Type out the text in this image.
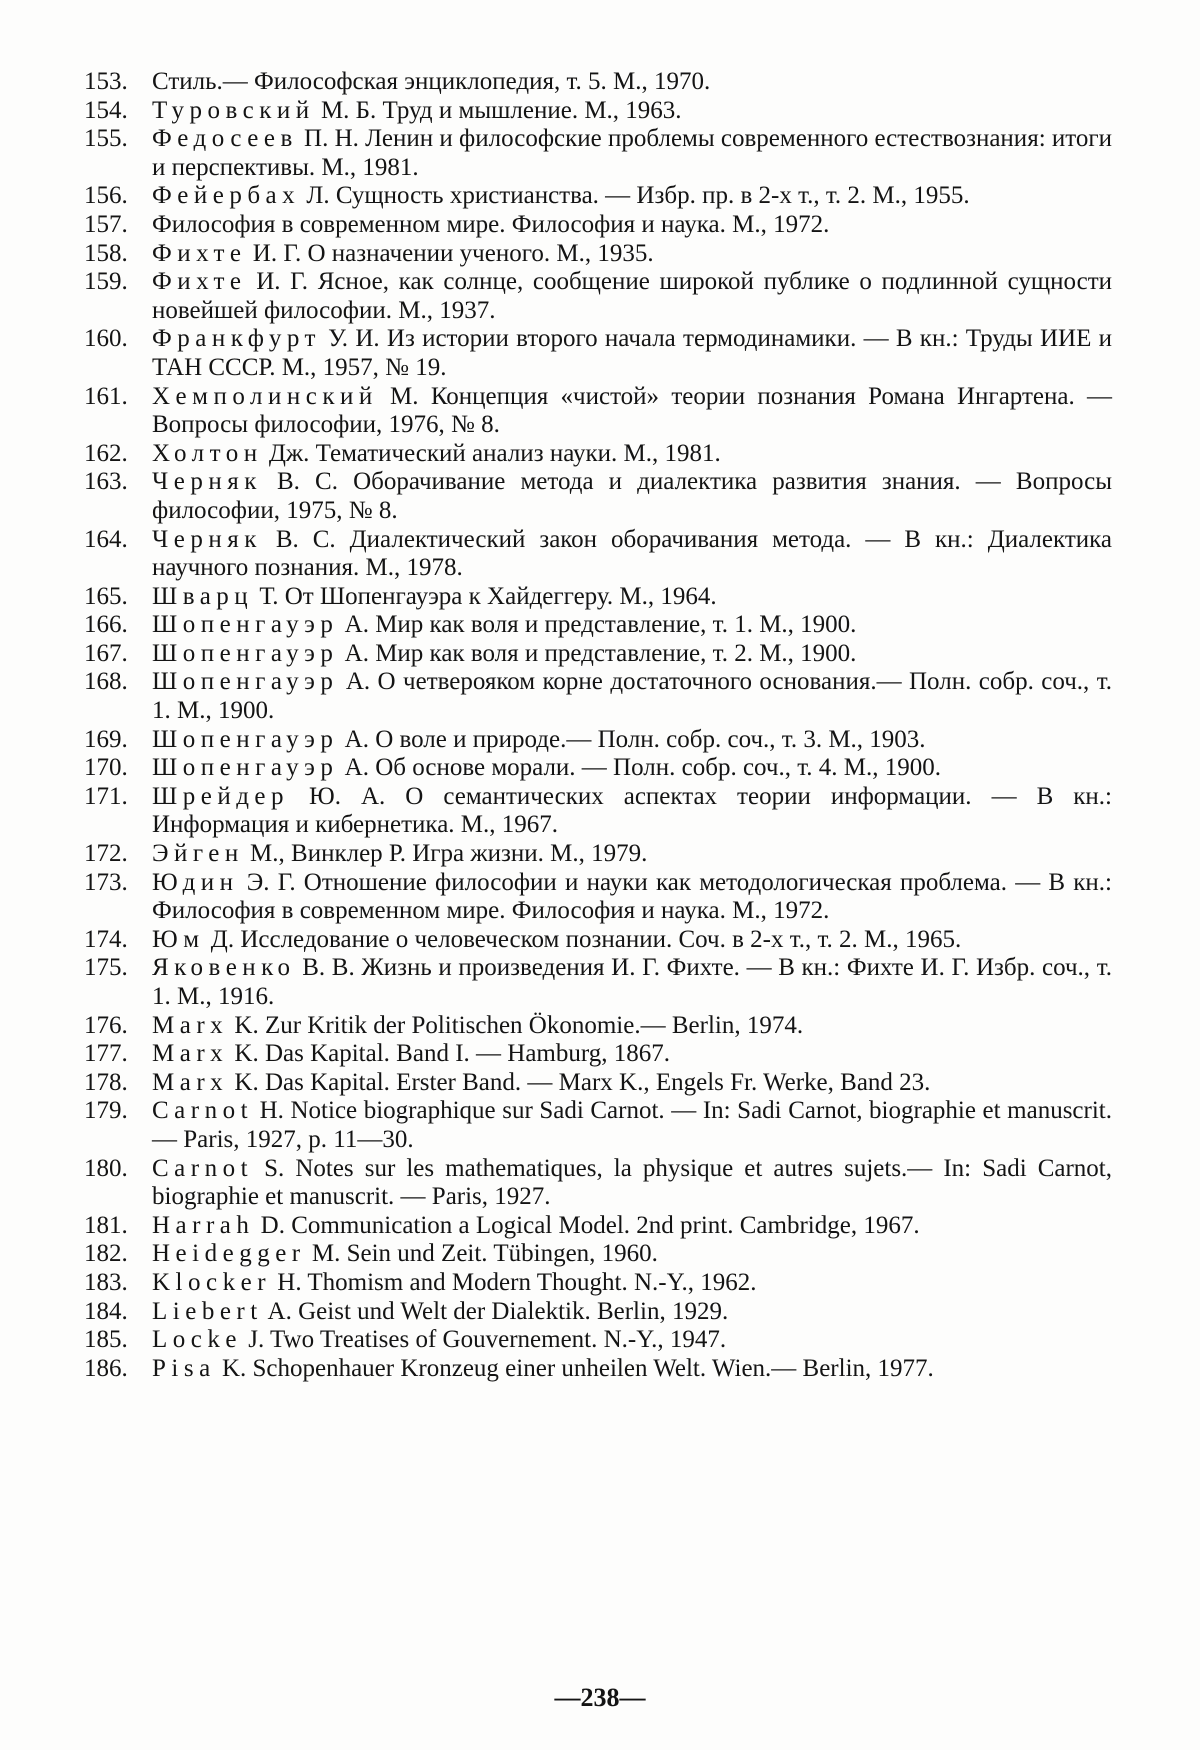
153. Стиль.— Философская энциклопедия, т. 5. М., 1970.
154. Туровский М. Б. Труд и мышление. М., 1963.
155. Федосеев П. Н. Ленин и философские проблемы современного естествознания: итоги и перспективы. М., 1981.
156. Фейербах Л. Сущность христианства. — Избр. пр. в 2-х т., т. 2. М., 1955.
157. Философия в современном мире. Философия и наука. М., 1972.
158. Фихте И. Г. О назначении ученого. М., 1935.
159. Фихте И. Г. Ясное, как солнце, сообщение широкой публике о подлинной сущности новейшей философии. М., 1937.
160. Франкфурт У. И. Из истории второго начала термодинамики. — В кн.: Труды ИИЕ и ТАН СССР. М., 1957, № 19.
161. Хемполинский М. Концепция «чистой» теории познания Романа Ингартена. — Вопросы философии, 1976, № 8.
162. Холтон Дж. Тематический анализ науки. М., 1981.
163. Черняк В. С. Оборачивание метода и диалектика развития знания. — Вопросы философии, 1975, № 8.
164. Черняк В. С. Диалектический закон оборачивания метода. — В кн.: Диалектика научного познания. М., 1978.
165. Шварц Т. От Шопенгауэра к Хайдеггеру. М., 1964.
166. Шопенгауэр А. Мир как воля и представление, т. 1. М., 1900.
167. Шопенгауэр А. Мир как воля и представление, т. 2. М., 1900.
168. Шопенгауэр А. О четверояком корне достаточного основания.— Полн. собр. соч., т. 1. М., 1900.
169. Шопенгауэр А. О воле и природе.— Полн. собр. соч., т. 3. М., 1903.
170. Шопенгауэр А. Об основе морали. — Полн. собр. соч., т. 4. М., 1900.
171. Шрейдер Ю. А. О семантических аспектах теории информации. — В кн.: Информация и кибернетика. М., 1967.
172. Эйген М., Винклер Р. Игра жизни. М., 1979.
173. Юдин Э. Г. Отношение философии и науки как методологическая проблема. — В кн.: Философия в современном мире. Философия и наука. М., 1972.
174. Юм Д. Исследование о человеческом познании. Соч. в 2-х т., т. 2. М., 1965.
175. Яковенко В. В. Жизнь и произведения И. Г. Фихте. — В кн.: Фихте И. Г. Избр. соч., т. 1. М., 1916.
176. Marx K. Zur Kritik der Politischen Ökonomie.— Berlin, 1974.
177. Marx K. Das Kapital. Band I. — Hamburg, 1867.
178. Marx K. Das Kapital. Erster Band. — Marx K., Engels Fr. Werke, Band 23.
179. Carnot H. Notice biographique sur Sadi Carnot. — In: Sadi Carnot, biographie et manuscrit. — Paris, 1927, p. 11—30.
180. Carnot S. Notes sur les mathematiques, la physique et autres sujets.— In: Sadi Carnot, biographie et manuscrit. — Paris, 1927.
181. Harrah D. Communication a Logical Model. 2nd print. Cambridge, 1967.
182. Heidegger M. Sein und Zeit. Tübingen, 1960.
183. Klocker H. Thomism and Modern Thought. N.-Y., 1962.
184. Liebert A. Geist und Welt der Dialektik. Berlin, 1929.
185. Locke J. Two Treatises of Gouvernement. N.-Y., 1947.
186. Pisa K. Schopenhauer Kronzeug einer unheilen Welt. Wien.— Berlin, 1977.
—238—
